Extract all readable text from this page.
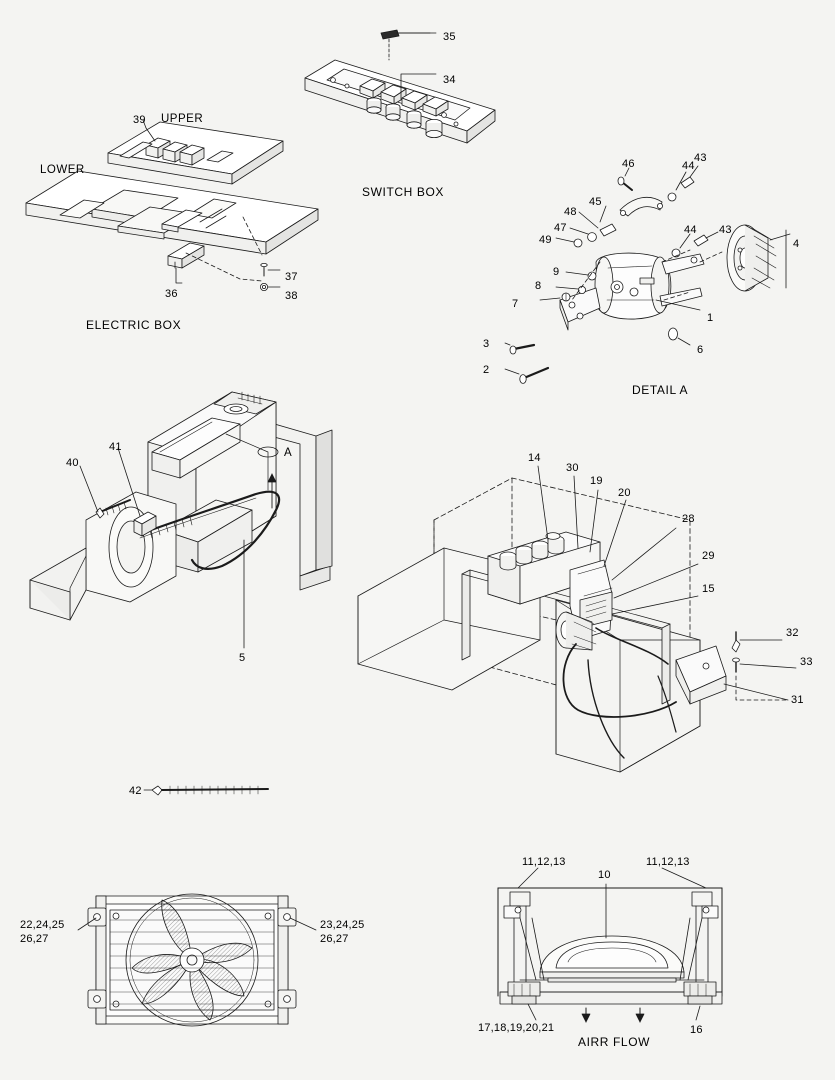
35
34
39
36
37
38
46	44
43
45
48
47
49
44 43
4
9
8
7
1
6
3
2
41
40
5
14
30
19
20
28
29
15
32
33
31
42
10
16
22,24,25
26,27
23,24,25
26,27
11,12,13	11,12,13
17,18,19,20,21
SWITCH BOX
ELECTRIC BOX
DETAIL A
UPPER
LOWER
A
AIRR FLOW
